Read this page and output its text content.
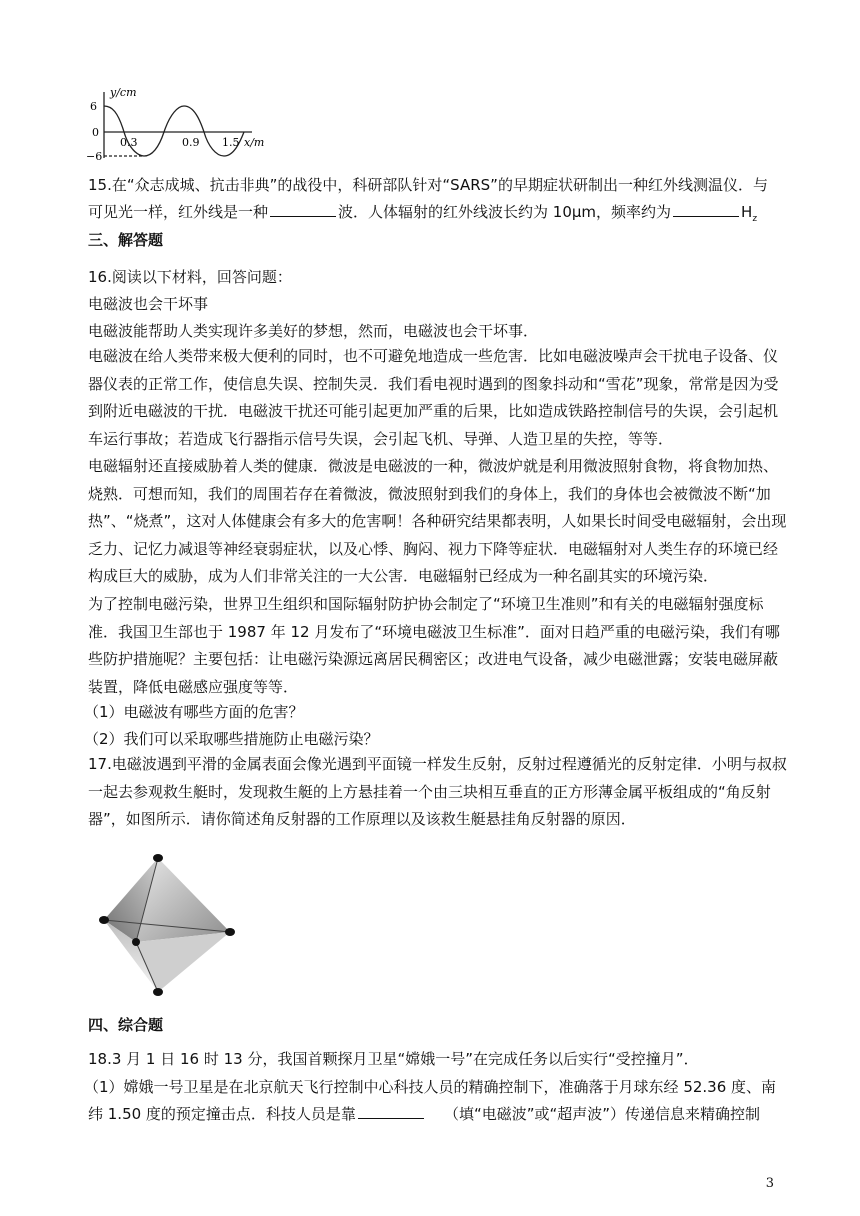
y/cm
6
0
−6
0.3	0.9 1.5 x/m
15.在“众志成城、抗击非典”的战役中，科研部队针对“SARS”的早期症状研制出一种红外线测温仪．与
可见光一样，红外线是一种	波．人体辐射的红外线波长约为 10μm，频率约为	$H_z$
三、解答题
16.阅读以下材料，回答问题：
电磁波也会干坏事
电磁波能帮助人类实现许多美好的梦想，然而，电磁波也会干坏事．

电磁波在给人类带来极大便利的同时，也不可避免地造成一些危害．比如电磁波噪声会干扰电子设备、仪器仪表的正常工作，使信息失误、控制失灵．我们看电视时遇到的图象抖动和“雪花”现象，常常是因为受到附近电磁波的干扰．电磁波干扰还可能引起更加严重的后果，比如造成铁路控制信号的失误，会引起机车运行事故；若造成飞行器指示信号失误，会引起飞机、导弹、人造卫星的失控，等等．

电磁辐射还直接威胁着人类的健康．微波是电磁波的一种，微波炉就是利用微波照射食物，将食物加热、烧熟．可想而知，我们的周围若存在着微波，微波照射到我们的身体上，我们的身体也会被微波不断“加热”、“烧煮”，这对人体健康会有多大的危害啊！各种研究结果都表明，人如果长时间受电磁辐射，会出现乏力、记忆力减退等神经衰弱症状，以及心悸、胸闷、视力下降等症状．电磁辐射对人类生存的环境已经构成巨大的威胁，成为人们非常关注的一大公害．电磁辐射已经成为一种名副其实的环境污染．

为了控制电磁污染，世界卫生组织和国际辐射防护协会制定了“环境卫生准则”和有关的电磁辐射强度标准．我国卫生部也于 1987 年 12 月发布了“环境电磁波卫生标准”．面对日趋严重的电磁污染，我们有哪些防护措施呢？主要包括：让电磁污染源远离居民稠密区；改进电气设备，减少电磁泄露；安装电磁屏蔽装置，降低电磁感应强度等等．

（1）电磁波有哪些方面的危害？
（2）我们可以采取哪些措施防止电磁污染？

17.电磁波遇到平滑的金属表面会像光遇到平面镜一样发生反射，反射过程遵循光的反射定律．小明与叔叔一起去参观救生艇时，发现救生艇的上方悬挂着一个由三块相互垂直的正方形薄金属平板组成的“角反射器”，如图所示．请你简述角反射器的工作原理以及该救生艇悬挂角反射器的原因．

四、综合题
18.3 月 1 日 16 时 13 分，我国首颗探月卫星“嫦娥一号”在完成任务以后实行“受控撞月”．
（1）嫦娥一号卫星是在北京航天飞行控制中心科技人员的精确控制下，准确落于月球东经 52.36 度、南
纬 1.50 度的预定撞击点．科技人员是靠	（填“电磁波”或“超声波”）传递信息来精确控制
3
